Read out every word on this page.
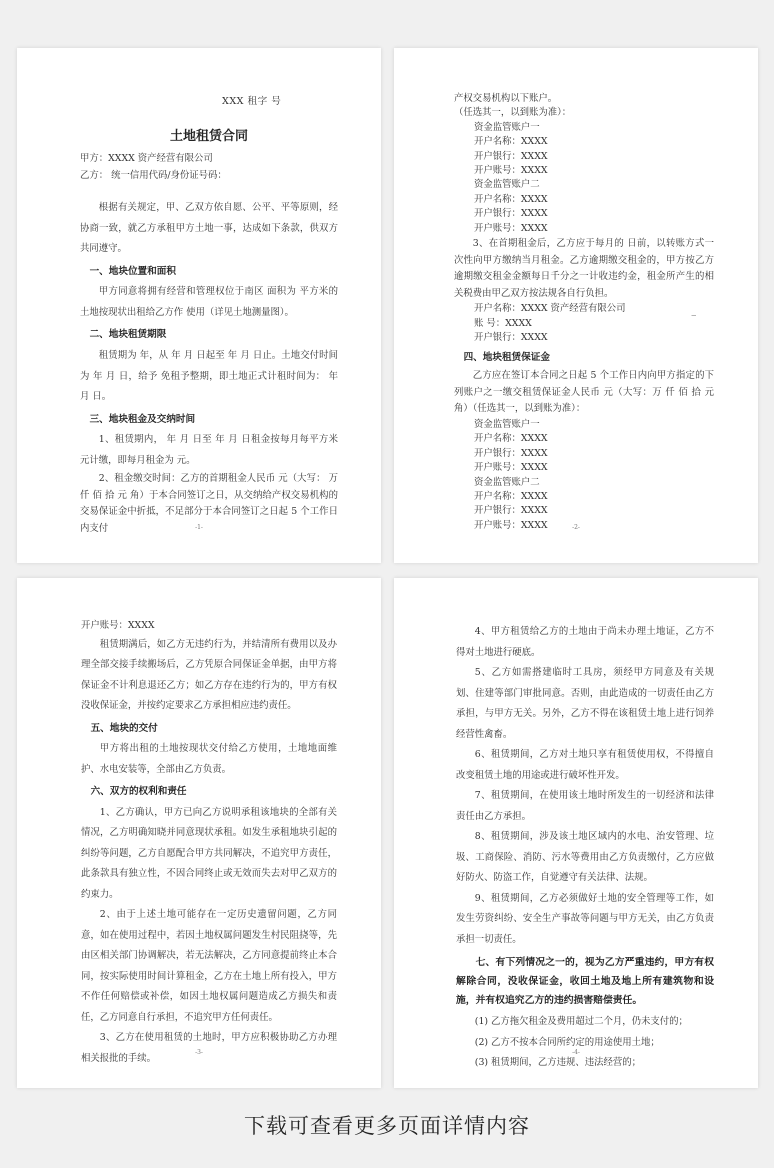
XXX 租字 号

土地租赁合同

甲方：XXXX 资产经营有限公司

乙方： 统一信用代码/身份证号码：

根据有关规定，甲、乙双方依自愿、公平、平等原则，经协商一致，就乙方承租甲方土地一事，达成如下条款，供双方共同遵守。

一、地块位置和面积

甲方同意将拥有经营和管理权位于南区 面积为 平方米的土地按现状出租给乙方作 使用（详见土地测量图）。

二、地块租赁期限

租赁期为 年，从 年 月 日起至 年 月 日止。土地交付时间为 年 月 日，给予 免租予整期，即土地正式计租时间为： 年 月 日。

三、地块租金及交纳时间

1、租赁期内， 年 月 日至 年 月 日租金按每月每平方米 元计缴，即每月租金为 元。

2、租金缴交时间：乙方的首期租金人民币 元（大写： 万 仟 佰 拾 元 角）于本合同签订之日，从交纳给产权交易机构的交易保证金中折抵，不足部分于本合同签订之日起 5 个工作日内支付	-1-

产权交易机构以下账户。

（任选其一，以到账为准）：

资金监管账户一

开户名称：XXXX

开户银行：XXXX

开户账号：XXXX

资金监管账户二

开户名称：XXXX

开户银行：XXXX

开户账号：XXXX

3、在首期租金后，乙方应于每月的 日前，以转账方式一次性向甲方缴纳当月租金。乙方逾期缴交租金的，甲方按乙方逾期缴交租金金额每日千分之一计收违约金，租金所产生的相关税费由甲乙双方按法规各自行负担。

开户名称：XXXX 资产经营有限公司

账 号：XXXX

开户银行：XXXX

_

四、地块租赁保证金

乙方应在签订本合同之日起 5 个工作日内向甲方指定的下列账户之一缴交租赁保证金人民币 元（大写：万 仟 佰 拾 元 角）（任选其一，以到账为准）：

资金监管账户一

开户名称：XXXX

开户银行：XXXX

开户账号：XXXX

资金监管账户二

开户名称：XXXX

开户银行：XXXX

开户账号：XXXX	-2-

开户账号：XXXX

租赁期满后，如乙方无违约行为，并结清所有费用以及办理全部交接手续搬场后，乙方凭原合同保证金单据，由甲方将保证金不计利息退还乙方；如乙方存在违约行为的，甲方有权没收保证金，并按约定要求乙方承担相应违约责任。

五、地块的交付

甲方将出租的土地按现状交付给乙方使用，土地地面维护、水电安装等，全部由乙方负责。

六、双方的权利和责任

1、乙方确认，甲方已向乙方说明承租该地块的全部有关情况，乙方明确知晓并同意现状承租。如发生承租地块引起的纠纷等问题，乙方自愿配合甲方共同解决，不追究甲方责任，此条款具有独立性，不因合同终止或无效而失去对甲乙双方的约束力。

2、由于上述土地可能存在一定历史遗留问题，乙方同意，如在使用过程中，若因土地权属问题发生村民阻挠等，先由区相关部门协调解决，若无法解决，乙方同意提前终止本合同，按实际使用时间计算租金，乙方在土地上所有投入，甲方不作任何赔偿或补偿，如因土地权属问题造成乙方损失和责任，乙方同意自行承担，不追究甲方任何责任。

3、乙方在使用租赁的土地时，甲方应积极协助乙方办理相关报批的手续。	-3-

4、甲方租赁给乙方的土地由于尚未办理土地证，乙方不得对土地进行硬底。

5、乙方如需搭建临时工具房，须经甲方同意及有关规划、住建等部门审批同意。否则，由此造成的一切责任由乙方承担，与甲方无关。另外，乙方不得在该租赁土地上进行饲养经营性禽畜。

6、租赁期间，乙方对土地只享有租赁使用权，不得擅自改变租赁土地的用途或进行破坏性开发。

7、租赁期间，在使用该土地时所发生的一切经济和法律责任由乙方承担。

8、租赁期间，涉及该土地区域内的水电、治安管理、垃圾、工商保险、消防、污水等费用由乙方负责缴付，乙方应做好防火、防盗工作，自觉遵守有关法律、法规。

9、租赁期间，乙方必须做好土地的安全管理等工作，如发生劳资纠纷、安全生产事故等问题与甲方无关，由乙方负责承担一切责任。

七、有下列情况之一的，视为乙方严重违约，甲方有权解除合同，没收保证金，收回土地及地上所有建筑物和设施，并有权追究乙方的违约损害赔偿责任。

(1) 乙方拖欠租金及费用超过二个月，仍未支付的；

(2) 乙方不按本合同所约定的用途使用土地；

(3) 租赁期间，乙方违规、违法经营的；

-4-
下载可查看更多页面详情内容
